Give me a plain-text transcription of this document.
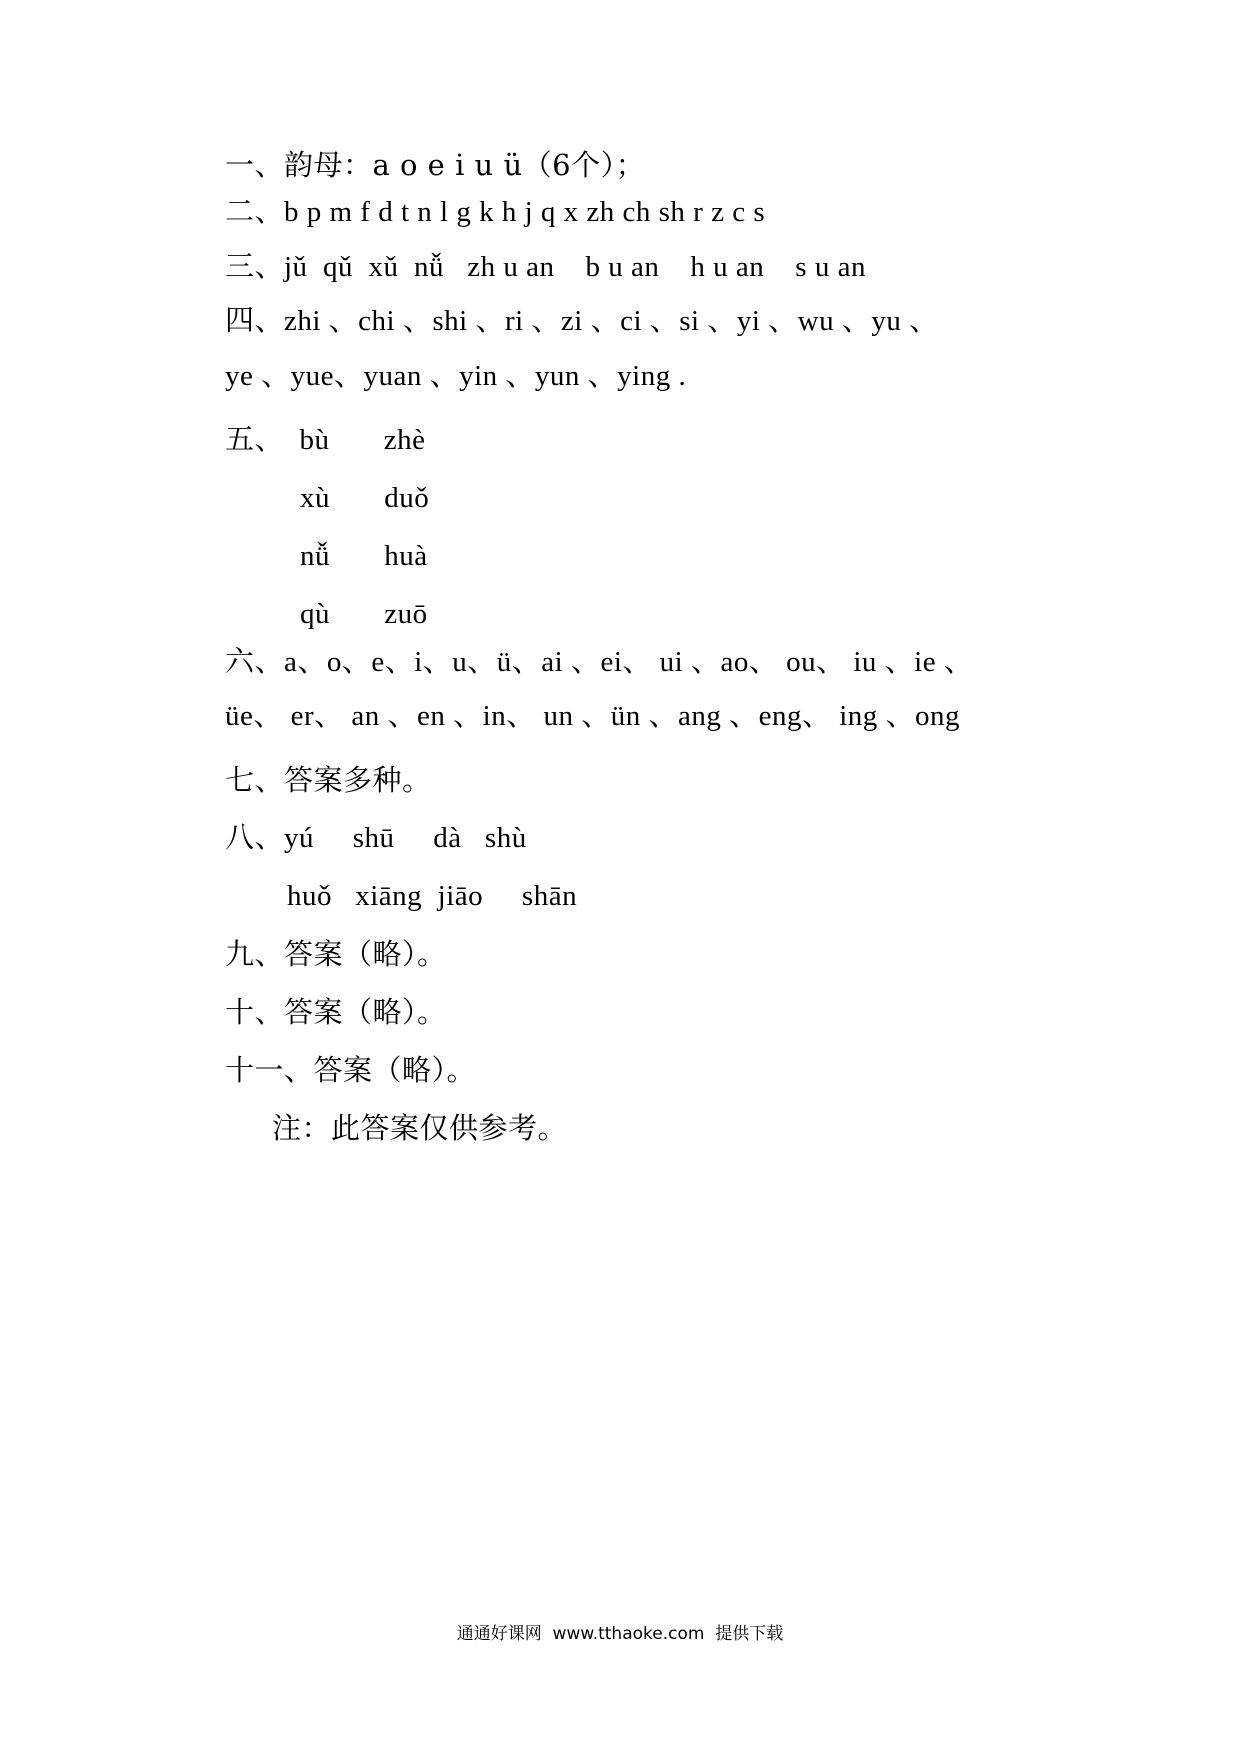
一、韵母：a o e i u ü（6个）；
二、b p m f d t n l g k h j q x zh ch sh r z c s
三、jǔ  qǔ  xǔ  nǚ   zh u an    b u an    h u an    s u an
四、zhi 、chi 、shi 、ri 、zi 、ci 、si 、yi 、wu 、yu 、
ye 、yue、yuan 、yin 、yun 、ying .
五、  bù       zhè
xù       duǒ
nǚ       huà
qù       zuō
六、a、o、e、i、u、ü、ai 、ei、 ui 、ao、 ou、 iu 、ie 、
üe、 er、 an 、en 、in、 un 、ün 、ang 、eng、 ing 、ong
七、答案多种。
八、yú     shū     dà   shù
huǒ   xiāng  jiāo     shān
九、答案（略）。
十、答案（略）。
十一、答案（略）。
注：此答案仅供参考。
通通好课网  www.tthaoke.com  提供下载
